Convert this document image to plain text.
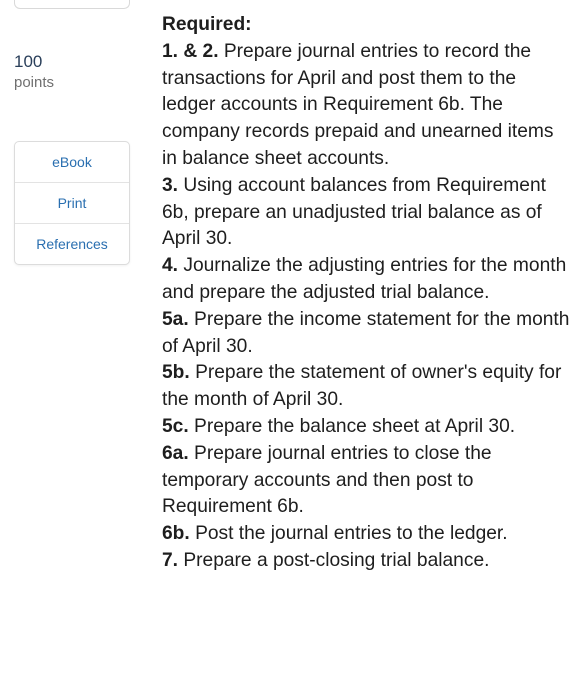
100
points
eBook
Print
References
Required:
1. & 2. Prepare journal entries to record the transactions for April and post them to the ledger accounts in Requirement 6b. The company records prepaid and unearned items in balance sheet accounts.
3. Using account balances from Requirement 6b, prepare an unadjusted trial balance as of April 30.
4. Journalize the adjusting entries for the month and prepare the adjusted trial balance.
5a. Prepare the income statement for the month of April 30.
5b. Prepare the statement of owner's equity for the month of April 30.
5c. Prepare the balance sheet at April 30.
6a. Prepare journal entries to close the temporary accounts and then post to Requirement 6b.
6b. Post the journal entries to the ledger.
7. Prepare a post-closing trial balance.
